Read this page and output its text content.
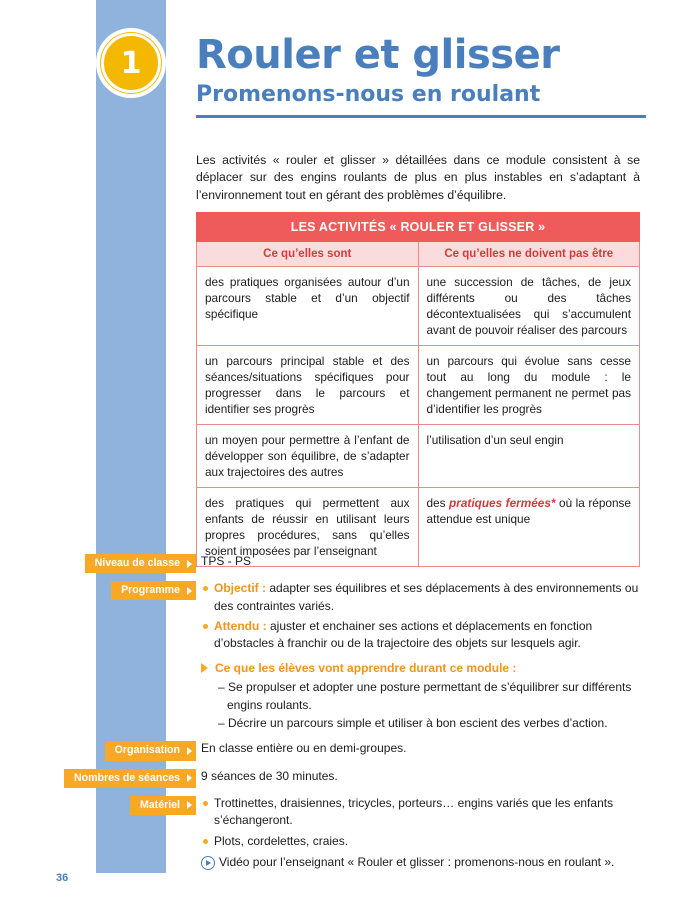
1	Rouler et glisser
Promenons-nous en roulant
Les activités « rouler et glisser » détaillées dans ce module consistent à se déplacer sur des engins roulants de plus en plus instables en s’adaptant à l’environnement tout en gérant des problèmes d’équilibre.
LES ACTIVITÉS « ROULER ET GLISSER »	
Ce qu’elles sont	Ce qu’elles ne doivent pas être
des pratiques organisées autour d’un parcours stable et d’un objectif spécifique	une succession de tâches, de jeux différents ou des tâches décontextualisées qui s’accumulent avant de pouvoir réaliser des parcours
un parcours principal stable et des séances/situations spécifiques pour progresser dans le parcours et identifier ses progrès	un parcours qui évolue sans cesse tout au long du module : le changement permanent ne permet pas d’identifier les progrès
un moyen pour permettre à l’enfant de développer son équilibre, de s’adapter aux trajectoires des autres	l’utilisation d’un seul engin
des pratiques qui permettent aux enfants de réussir en utilisant leurs propres procédures, sans qu’elles soient imposées par l’enseignant	des pratiques fermées* où la réponse attendue est unique
Niveau de classe	TPS - PS
Programme	Objectif : adapter ses équilibres et ses déplacements à des environnements ou des contraintes variés.
Attendu : ajuster et enchainer ses actions et déplacements en fonction d’obstacles à franchir ou de la trajectoire des objets sur lesquels agir.
Ce que les élèves vont apprendre durant ce module :
– Se propulser et adopter une posture permettant de s’équilibrer sur différents engins roulants.
– Décrire un parcours simple et utiliser à bon escient des verbes d’action.
Organisation	En classe entière ou en demi-groupes.
Nombres de séances	9 séances de 30 minutes.
Matériel	Trottinettes, draisiennes, tricycles, porteurs… engins variés que les enfants s’échangeront.
Plots, cordelettes, craies.
Vidéo pour l’enseignant « Rouler et glisser : promenons-nous en roulant ».
36
